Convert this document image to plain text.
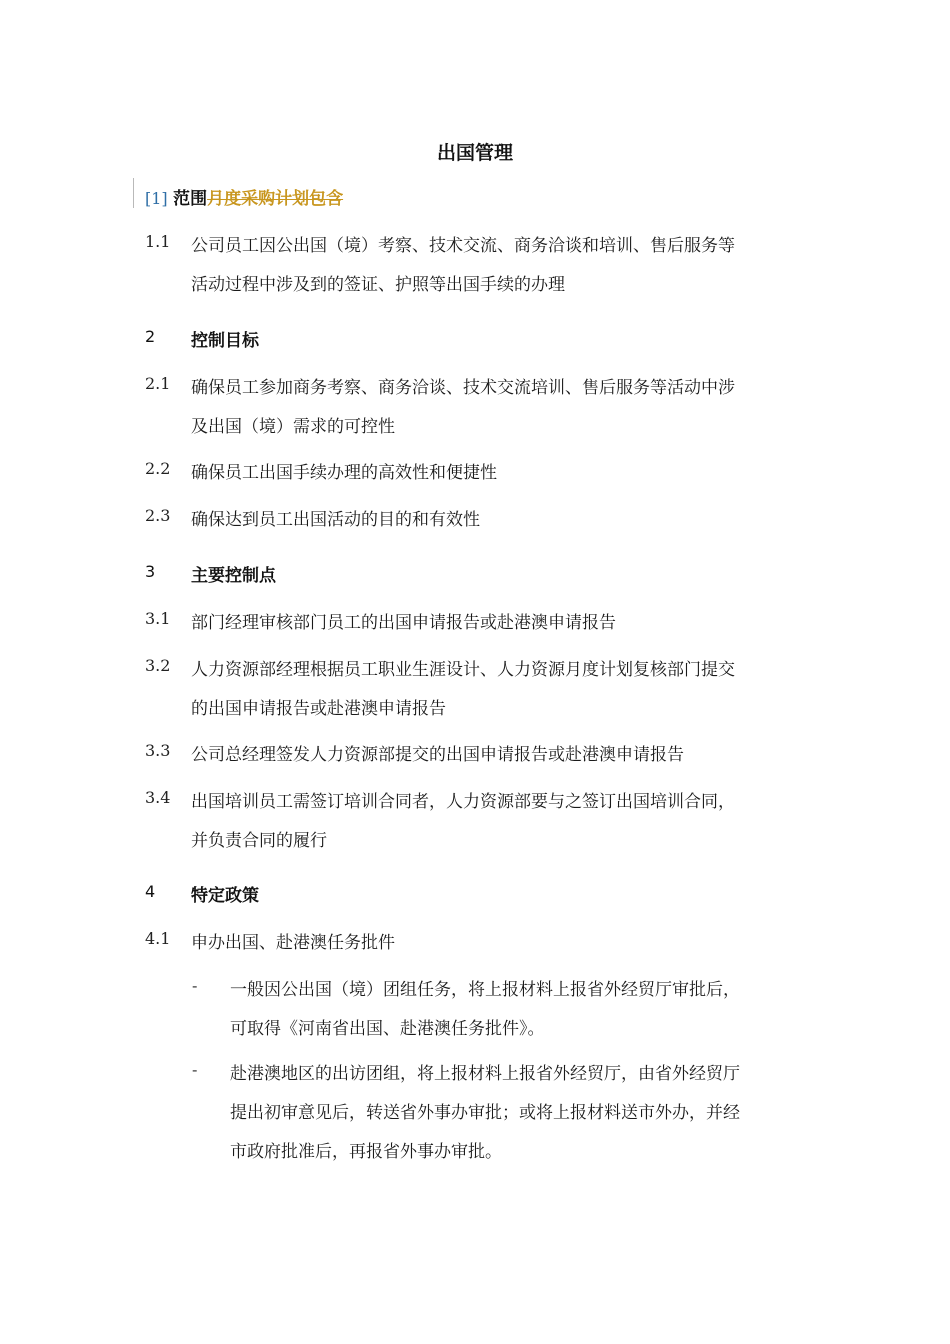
出国管理
[1] 范围月度采购计划包含
1.1 公司员工因公出国（境）考察、技术交流、商务洽谈和培训、售后服务等
活动过程中涉及到的签证、护照等出国手续的办理
2 控制目标
2.1 确保员工参加商务考察、商务洽谈、技术交流培训、售后服务等活动中涉
及出国（境）需求的可控性
2.2 确保员工出国手续办理的高效性和便捷性
2.3 确保达到员工出国活动的目的和有效性
3 主要控制点
3.1 部门经理审核部门员工的出国申请报告或赴港澳申请报告
3.2 人力资源部经理根据员工职业生涯设计、人力资源月度计划复核部门提交
的出国申请报告或赴港澳申请报告
3.3 公司总经理签发人力资源部提交的出国申请报告或赴港澳申请报告
3.4 出国培训员工需签订培训合同者，人力资源部要与之签订出国培训合同，
并负责合同的履行
4 特定政策
4.1 申办出国、赴港澳任务批件
- 一般因公出国（境）团组任务，将上报材料上报省外经贸厅审批后，
可取得《河南省出国、赴港澳任务批件》。
- 赴港澳地区的出访团组，将上报材料上报省外经贸厅，由省外经贸厅
提出初审意见后，转送省外事办审批；或将上报材料送市外办，并经
市政府批准后，再报省外事办审批。
